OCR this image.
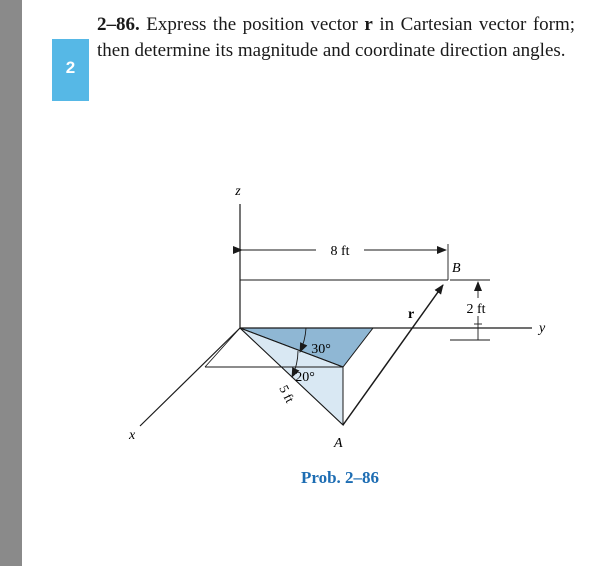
2
2–86. Express the position vector r in Cartesian vector form; then determine its magnitude and coordinate direction angles.
8 ft
2 ft
r
30°
20°
5 ft
z
y
x
A
B
Prob. 2–86
